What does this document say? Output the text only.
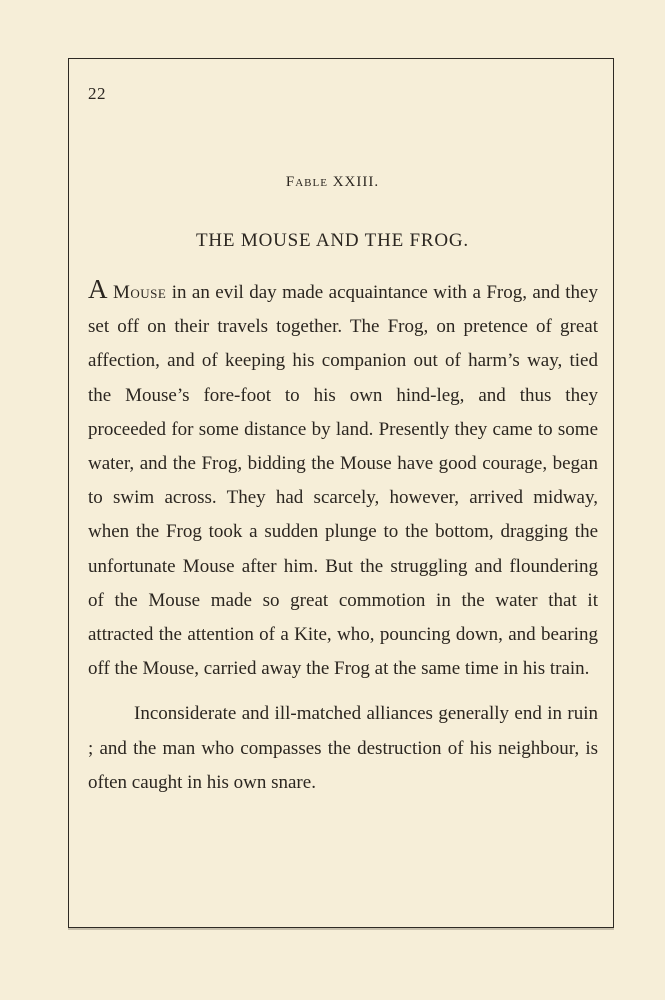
22
Fable XXIII.
THE MOUSE AND THE FROG.

A Mouse in an evil day made acquaintance with a Frog, and they set off on their travels together. The Frog, on pretence of great affection, and of keeping his companion out of harm’s way, tied the Mouse’s fore-foot to his own hind-leg, and thus they proceeded for some distance by land. Presently they came to some water, and the Frog, bidding the Mouse have good courage, began to swim across. They had scarcely, however, arrived midway, when the Frog took a sudden plunge to the bottom, dragging the unfortunate Mouse after him. But the struggling and floundering of the Mouse made so great commotion in the water that it attracted the attention of a Kite, who, pouncing down, and bearing off the Mouse, carried away the Frog at the same time in his train.

Inconsiderate and ill-matched alliances generally end in ruin ; and the man who compasses the destruction of his neighbour, is often caught in his own snare.
